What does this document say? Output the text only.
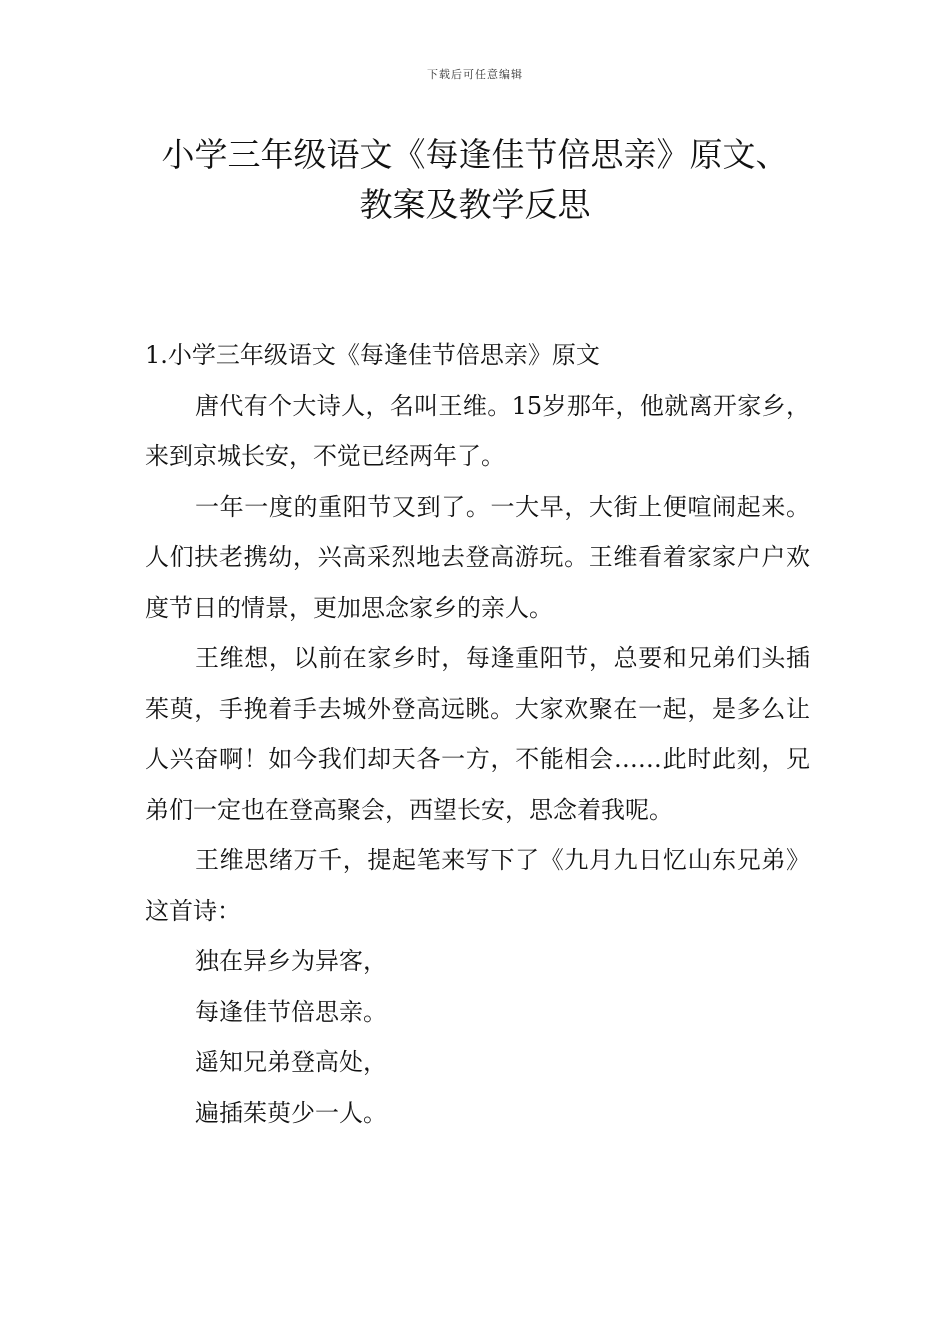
下载后可任意编辑
小学三年级语文《每逢佳节倍思亲》原文、
教案及教学反思

1.小学三年级语文《每逢佳节倍思亲》原文

唐代有个大诗人，名叫王维。15岁那年，他就离开家乡，来到京城长安，不觉已经两年了。

一年一度的重阳节又到了。一大早，大街上便喧闹起来。人们扶老携幼，兴高采烈地去登高游玩。王维看着家家户户欢度节日的情景，更加思念家乡的亲人。

王维想，以前在家乡时，每逢重阳节，总要和兄弟们头插茱萸，手挽着手去城外登高远眺。大家欢聚在一起，是多么让人兴奋啊！如今我们却天各一方，不能相会……此时此刻，兄弟们一定也在登高聚会，西望长安，思念着我呢。

王维思绪万千，提起笔来写下了《九月九日忆山东兄弟》这首诗：

独在异乡为异客，

每逢佳节倍思亲。

遥知兄弟登高处，

遍插茱萸少一人。
